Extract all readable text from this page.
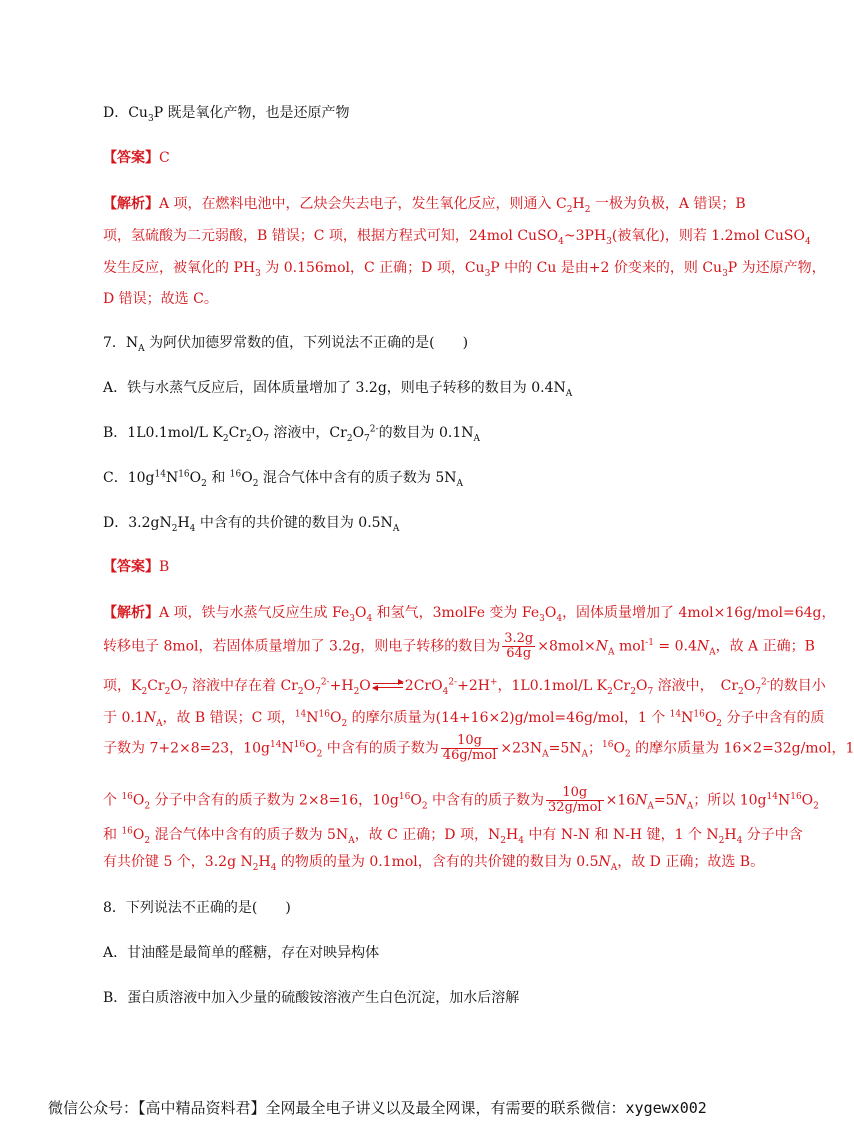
D．$Cu_3P$ 既是氧化产物，也是还原产物
【答案】C
【解析】A 项，在燃料电池中，乙炔会失去电子，发生氧化反应，则通入 $C_2H_2$ 一极为负极，A 错误；B
项，氢硫酸为二元弱酸，B 错误；C 项，根据方程式可知，24mol $CuSO_4\sim 3PH_3$(被氧化)，则若 1.2mol CuSO$_4$
发生反应，被氧化的 $PH_3$ 为 0.156mol，C 正确；D 项，$Cu_3P$ 中的 Cu 是由+2 价变来的，则 $Cu_3P$ 为还原产物，
D 错误；故选 C。
7．$N_A$ 为阿伏加德罗常数的值，下列说法不正确的是(　　)
A．铁与水蒸气反应后，固体质量增加了 3.2g，则电子转移的数目为 $0.4N_A$
B．1L0.1mol/L $K_2Cr_2O_7$ 溶液中，$Cr_2O_7^{2-}$的数目为 $0.1N_A$
C．$10g^{14}N^{16}O_2$ 和 $^{16}O_2$ 混合气体中含有的质子数为 $5N_A$
D．$3.2gN_2H_4$ 中含有的共价键的数目为 $0.5N_A$
【答案】B
【解析】A 项，铁与水蒸气反应生成 $Fe_3O_4$ 和氢气，3molFe 变为 $Fe_3O_4$，固体质量增加了 4mol×16g/mol=64g，
转移电子 8mol，若固体质量增加了 3.2g，则电子转移的数目为 $\frac{3.2g}{64g} \times 8mol\times N_A$ $mol^{-1} = 0.4N_A$，故 A 正确；B
项，$K_2Cr_2O_7$ 溶液中存在着 $Cr_2O_7^{2-}+H_2O$ 2CrO$_4^{2-}$+2H+，1L0.1mol/L $K_2Cr_2O_7$ 溶液中，　$Cr_2O_7^{2-}$的数目小
于 $0.1N_A$，故 B 错误；C 项，$^{14}N^{16}O_2$ 的摩尔质量为(14+16×2)g/mol=46g/mol，1 个 $^{14}N^{16}O_2$ 分子中含有的质
子数为 7+2×8=23，$10g^{14}N^{16}O_2$ 中含有的质子数为 $\frac{10g}{\text{46g/mol}} \times 23N_A=5N_A$；$^{16}O_2$ 的摩尔质量为 16×2=32g/mol，1
个 $^{16}O_2$ 分子中含有的质子数为 2×8=16，$10g^{16}O_2$ 中含有的质子数为 $\frac{10g}{\text{32g/mol}} \times 16N_A=5N_A$；所以 $10g^{14}N^{16}O_2$
和 $^{16}O_2$ 混合气体中含有的质子数为 $5N_A$，故 C 正确；D 项，$N_2H_4$ 中有 N-N 和 N-H 键，1 个 $N_2H_4$ 分子中含
有共价键 5 个，3.2g $N_2H_4$ 的物质的量为 0.1mol，含有的共价键的数目为 $0.5N_A$，故 D 正确；故选 B。
8．下列说法不正确的是(　　)
A．甘油醛是最简单的醛糖，存在对映异构体
B．蛋白质溶液中加入少量的硫酸铵溶液产生白色沉淀，加水后溶解
微信公众号：【高中精品资料君】全网最全电子讲义以及最全网课，有需要的联系微信：xygewx002
